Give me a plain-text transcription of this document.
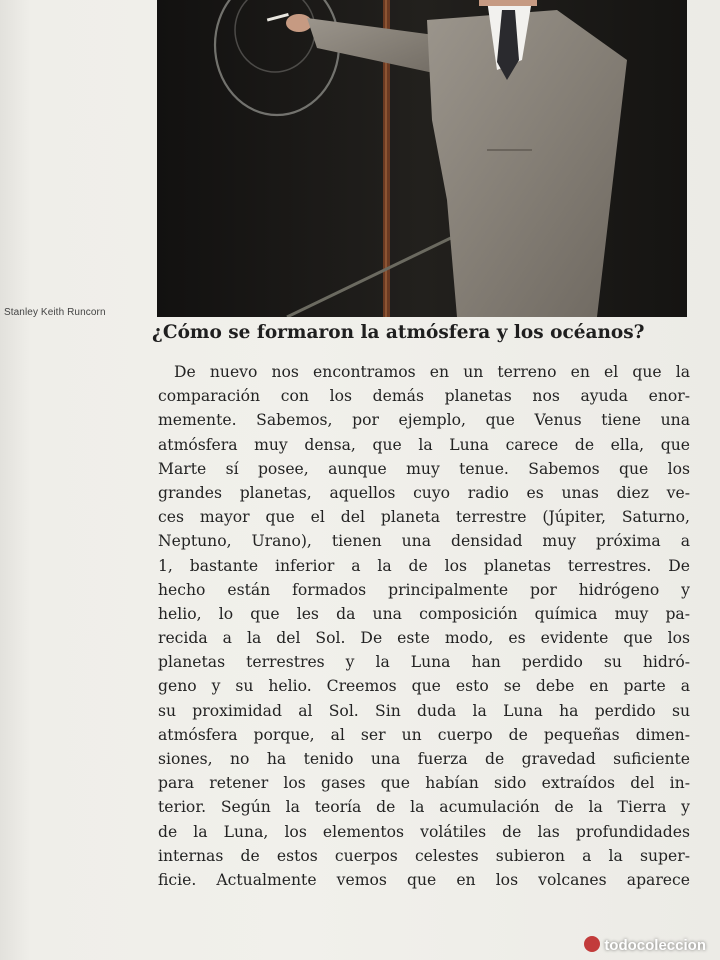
Stanley Keith Runcorn
¿Cómo se formaron la atmósfera y los océanos?
De nuevo nos encontramos en un terreno en el que la
comparación con los demás planetas nos ayuda enor-
memente. Sabemos, por ejemplo, que Venus tiene una
atmósfera muy densa, que la Luna carece de ella, que
Marte sí posee, aunque muy tenue. Sabemos que los
grandes planetas, aquellos cuyo radio es unas diez ve-
ces mayor que el del planeta terrestre (Júpiter, Saturno,
Neptuno, Urano), tienen una densidad muy próxima a
1, bastante inferior a la de los planetas terrestres. De
hecho están formados principalmente por hidrógeno y
helio, lo que les da una composición química muy pa-
recida a la del Sol. De este modo, es evidente que los
planetas terrestres y la Luna han perdido su hidró-
geno y su helio. Creemos que esto se debe en parte a
su proximidad al Sol. Sin duda la Luna ha perdido su
atmósfera porque, al ser un cuerpo de pequeñas dimen-
siones, no ha tenido una fuerza de gravedad suficiente
para retener los gases que habían sido extraídos del in-
terior. Según la teoría de la acumulación de la Tierra y
de la Luna, los elementos volátiles de las profundidades
internas de estos cuerpos celestes subieron a la super-
ficie. Actualmente vemos que en los volcanes aparece
todocoleccion
